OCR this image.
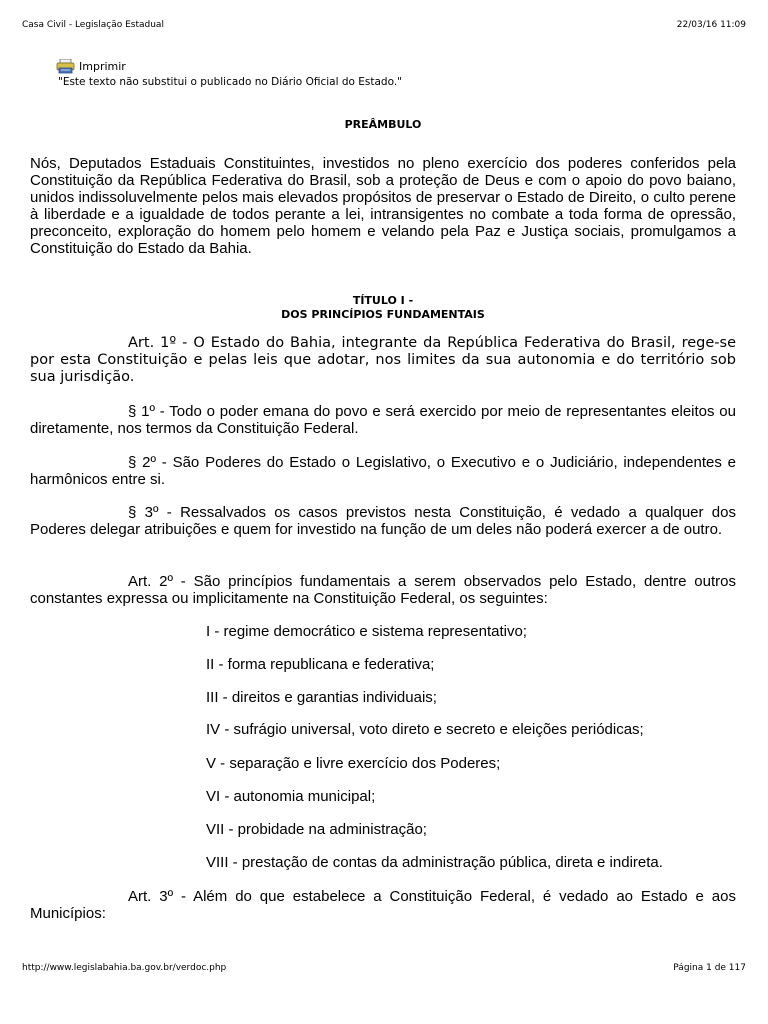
Casa Civil - Legislação Estadual	22/03/16 11:09
Imprimir
"Este texto não substitui o publicado no Diário Oficial do Estado."
PREÂMBULO

Nós, Deputados Estaduais Constituintes, investidos no pleno exercício dos poderes conferidos pela Constituição da República Federativa do Brasil, sob a proteção de Deus e com o apoio do povo baiano, unidos indissoluvelmente pelos mais elevados propósitos de preservar o Estado de Direito, o culto perene à liberdade e a igualdade de todos perante a lei, intransigentes no combate a toda forma de opressão, preconceito, exploração do homem pelo homem e velando pela Paz e Justiça sociais, promulgamos a Constituição do Estado da Bahia.

TÍTULO I -
DOS PRINCÍPIOS FUNDAMENTAIS

Art. 1º - O Estado do Bahia, integrante da República Federativa do Brasil, rege-se por esta Constituição e pelas leis que adotar, nos limites da sua autonomia e do território sob sua jurisdição.

§ 1º - Todo o poder emana do povo e será exercido por meio de representantes eleitos ou diretamente, nos termos da Constituição Federal.

§ 2º - São Poderes do Estado o Legislativo, o Executivo e o Judiciário, independentes e harmônicos entre si.

§ 3º - Ressalvados os casos previstos nesta Constituição, é vedado a qualquer dos Poderes delegar atribuições e quem for investido na função de um deles não poderá exercer a de outro.

Art. 2º - São princípios fundamentais a serem observados pelo Estado, dentre outros constantes expressa ou implicitamente na Constituição Federal, os seguintes:

I - regime democrático e sistema representativo;

II - forma republicana e federativa;

III - direitos e garantias individuais;

IV - sufrágio universal, voto direto e secreto e eleições periódicas;

V - separação e livre exercício dos Poderes;

VI - autonomia municipal;

VII - probidade na administração;

VIII - prestação de contas da administração pública, direta e indireta.

Art. 3º - Além do que estabelece a Constituição Federal, é vedado ao Estado e aos Municípios:

http://www.legislabahia.ba.gov.br/verdoc.php	Página 1 de 117
